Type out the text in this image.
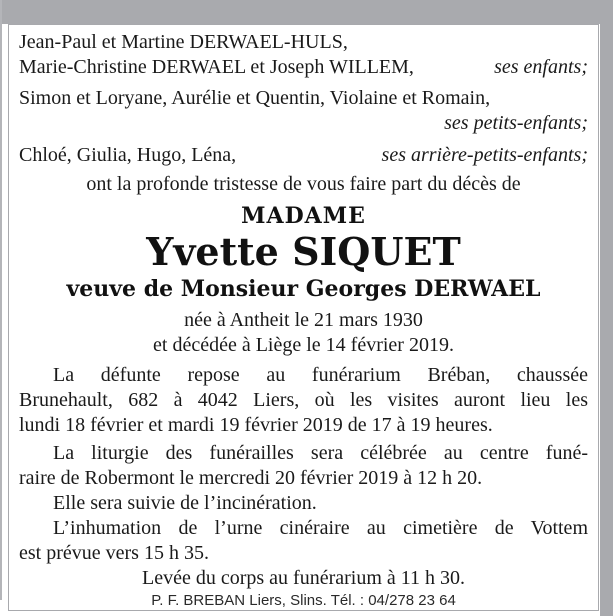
Jean-Paul et Martine DERWAEL-HULS,
Marie-Christine DERWAEL et Joseph WILLEM,	ses enfants;
Simon et Loryane, Aurélie et Quentin, Violaine et Romain,
ses petits-enfants;
Chloé, Giulia, Hugo, Léna,	ses arrière-petits-enfants;
ont la profonde tristesse de vous faire part du décès de
MADAME
Yvette SIQUET
veuve de Monsieur Georges DERWAEL
née à Antheit le 21 mars 1930
et décédée à Liège le 14 février 2019.
La défunte repose au funérarium Bréban, chaussée
Brunehault, 682 à 4042 Liers, où les visites auront lieu les
lundi 18 février et mardi 19 février 2019 de 17 à 19 heures.
La liturgie des funérailles sera célébrée au centre funé-
raire de Robermont le mercredi 20 février 2019 à 12 h 20.
Elle sera suivie de l’incinération.
L’inhumation de l’urne cinéraire au cimetière de Vottem
est prévue vers 15 h 35.
Levée du corps au funérarium à 11 h 30.
P. F. BREBAN Liers, Slins. Tél. : 04/278 23 64
